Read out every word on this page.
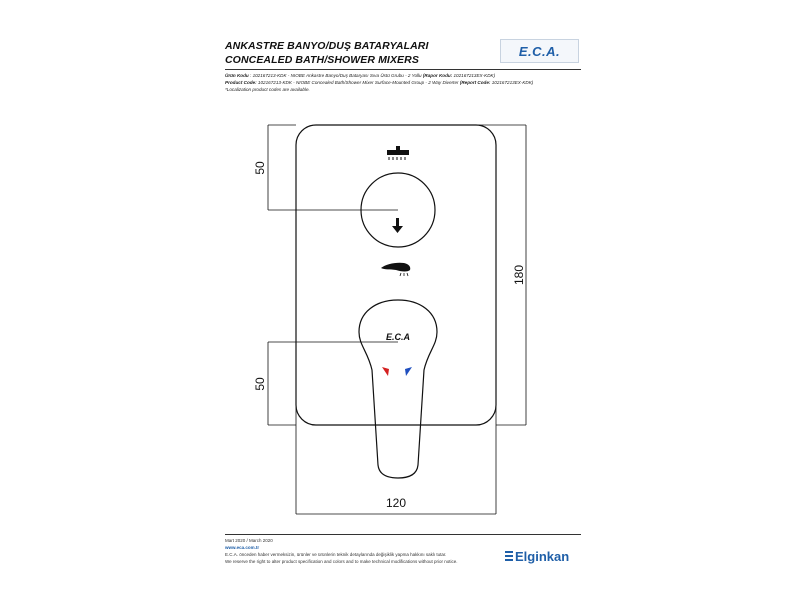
ANKASTRE BANYO/DUŞ BATARYALARI
CONCEALED BATH/SHOWER MIXERS
E.C.A.
Ürün Kodu : 102167213-KDK - NIOBE Ankastre Banyo/Duş Bataryası Sıva Üstü Grubu - 2 Yollu (Rapor Kodu: 102167213EX-KDK)
Product Code: 102167213-KDK - NIOBE Concealed Bath/Shower Mixer Surface-Mounted Group - 2 Way Diverter (Report Code: 102167213EX-KDK)
*Localization product codes are available.
E.C.A
50
50
180
120
Mart 2020 / March 2020
www.eca.com.tr
E.C.A. önceden haber vermeksizin, ürünler ve ürünlerin teknik detaylarında değişiklik yapma hakkını saklı tutar.
We reserve the right to alter product specification and colors and to make technical modifications without prior notice.	Elginkan
